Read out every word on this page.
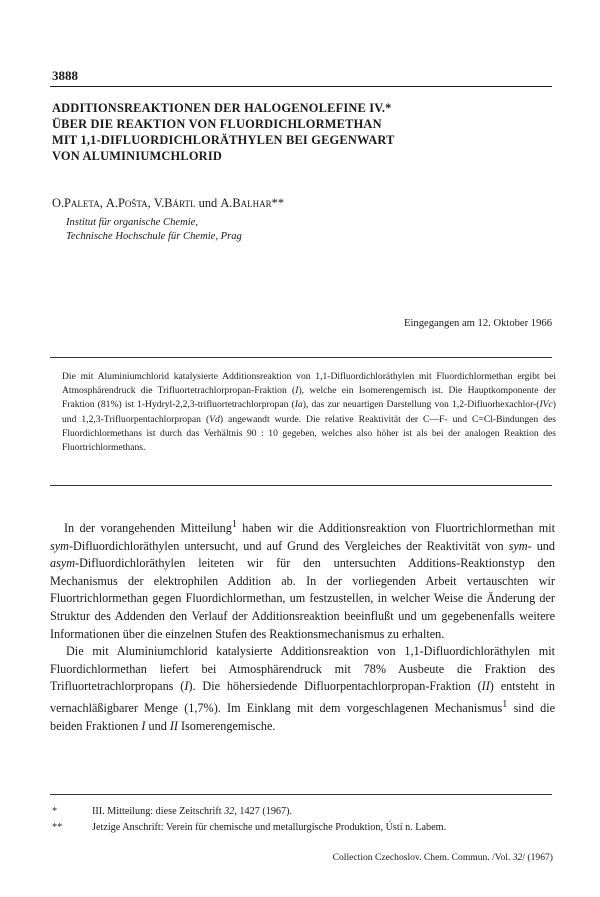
3888
ADDITIONSREAKTIONEN DER HALOGENOLEFINE IV.*
ÜBER DIE REAKTION VON FLUORDICHLORMETHAN
MIT 1,1-DIFLUORDICHLORÄTHYLEN BEI GEGENWART
VON ALUMINIUMCHLORID
O.Paleta, A.Pošta, V.Bártl und A.Balhar**
Institut für organische Chemie,
Technische Hochschule für Chemie, Prag
Eingegangen am 12. Oktober 1966
Die mit Aluminiumchlorid katalysierte Additionsreaktion von 1,1-Difluordichloräthylen mit Fluordichlormethan ergibt bei Atmosphärendruck die Trifluortetrachlorpropan-Fraktion (I), welche ein Isomerengemisch ist. Die Hauptkomponente der Fraktion (81%) ist 1-Hydryl-2,2,3-trifluortetrachlorpropan (Ia), das zur neuartigen Darstellung von 1,2-Difluorhexachlor-(IVc) und 1,2,3-Trifluorpentachlorpropan (Vd) angewandt wurde. Die relative Reaktivität der C—F- und C=Cl-Bindungen des Fluordichlormethans ist durch das Verhältnis 90 : 10 gegeben, welches also höher ist als bei der analogen Reaktion des Fluortrichlormethans.

In der vorangehenden Mitteilung$^1$ haben wir die Additionsreaktion von Fluortrichlormethan mit sym-Difluordichloräthylen untersucht, und auf Grund des Vergleiches der Reaktivität von sym- und asym-Difluordichloräthylen leiteten wir für den untersuchten Additions-Reaktionstyp den Mechanismus der elektrophilen Addition ab. In der vorliegenden Arbeit vertauschten wir Fluortrichlormethan gegen Fluordichlormethan, um festzustellen, in welcher Weise die Änderung der Struktur des Addenden den Verlauf der Additionsreaktion beeinflußt und um gegebenenfalls weitere Informationen über die einzelnen Stufen des Reaktionsmechanismus zu erhalten.

Die mit Aluminiumchlorid katalysierte Additionsreaktion von 1,1-Difluordichloräthylen mit Fluordichlormethan liefert bei Atmosphärendruck mit 78% Ausbeute die Fraktion des Trifluortetrachlorpropans (I). Die höhersiedende Difluorpentachlorpropan-Fraktion (II) entsteht in vernachläßigbarer Menge (1,7%). Im Einklang mit dem vorgeschlagenen Mechanismus$^1$ sind die beiden Fraktionen I und II Isomerengemische.

*	III. Mitteilung: diese Zeitschrift 32, 1427 (1967).
**	Jetzige Anschrift: Verein für chemische und metallurgische Produktion, Ústí n. Labem.
Collection Czechoslov. Chem. Commun. /Vol. 32/ (1967)
